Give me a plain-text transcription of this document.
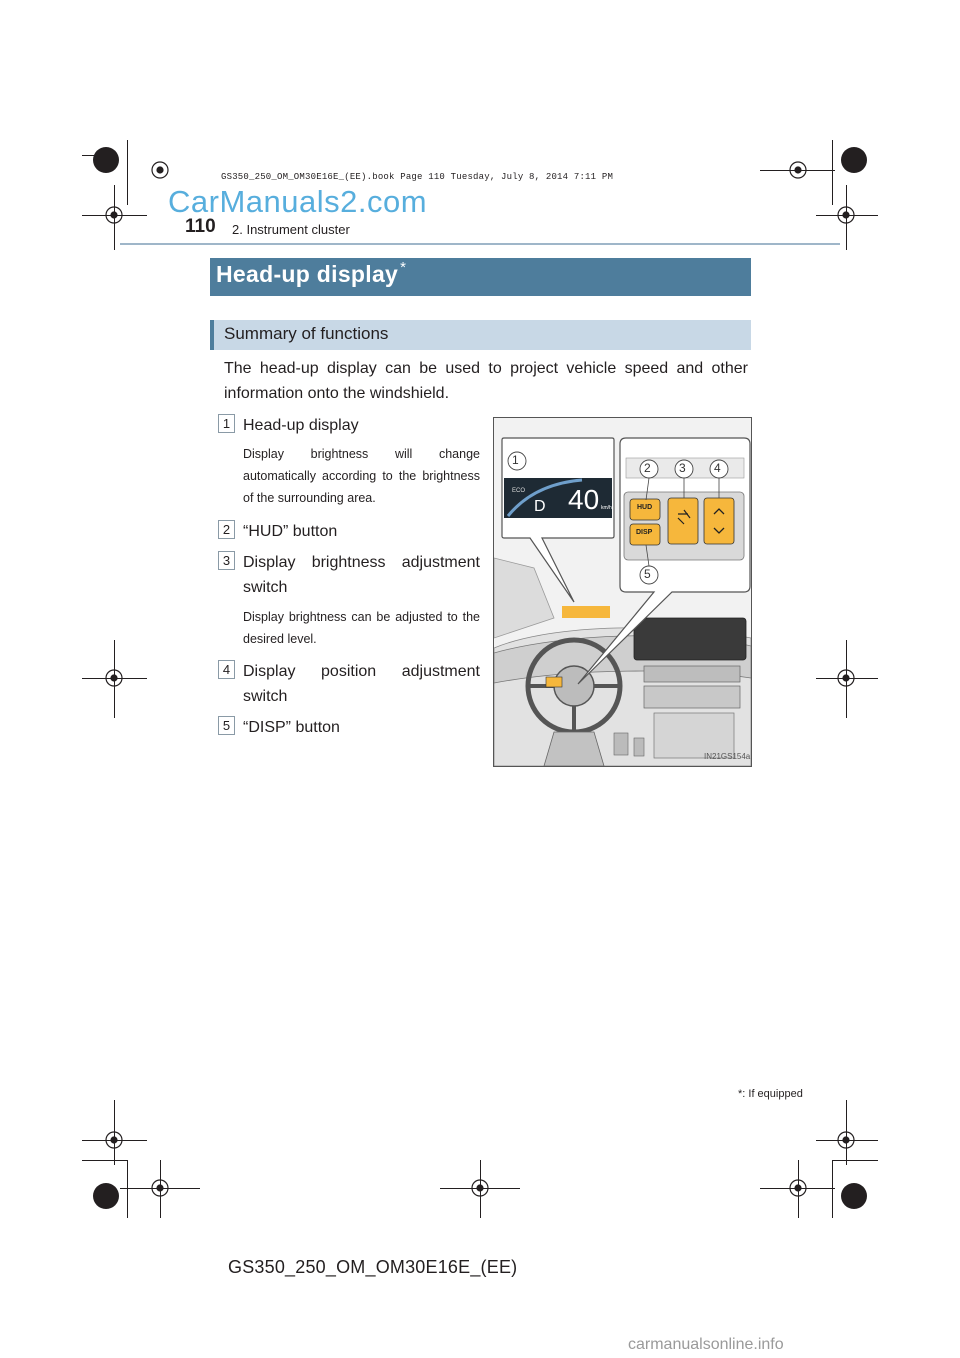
GS350_250_OM_OM30E16E_(EE).book Page 110 Tuesday, July 8, 2014 7:11 PM
CarManuals2.com
110 2. Instrument cluster
Head-up display *
Summary of functions
The head-up display can be used to project vehicle speed and other information onto the windshield.
1 Head-up display
Display brightness will change automatically according to the brightness of the surrounding area.
2 “HUD” button
3 Display brightness adjustment switch
Display brightness can be adjusted to the desired level.
4 Display position adjustment switch
5 “DISP” button
ECO
D 40 km/h	HUD
DISP
1
2 3 4
5
IN21GS154a
*: If equipped
GS350_250_OM_OM30E16E_(EE)
carmanualsonline.info
